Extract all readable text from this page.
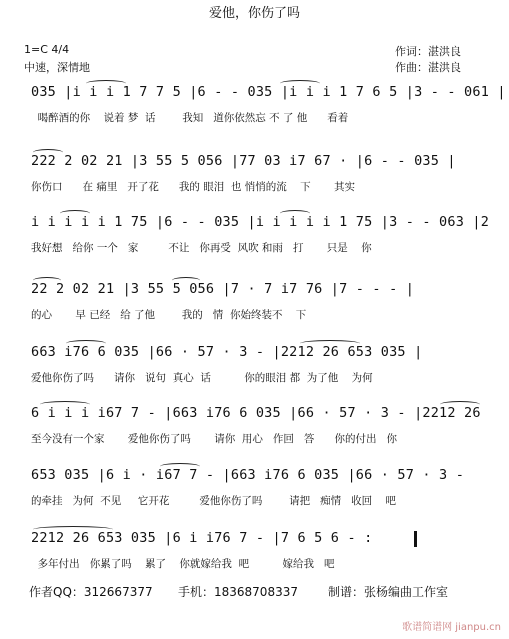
爱他，你伤了吗
1=C 4/4
中速，深情地
作词：湛洪良
作曲：湛洪良
035 |i i i 1 7 7 5 |6 - - 035 |i i i 1 7 6 5 |3 - - 061 |
喝醉酒的你    说着 梦  话        我知   道你依然忘 不 了 他      看着
222 2 02 21 |3 55 5 056 |77 03 i7 67 · |6 - - 035 |
你伤口      在 痛里   开了花      我的 眼泪  也 悄悄的流    下       其实
i i i i i 1 75 |6 - - 035 |i i i i i 1 75 |3 - - 063 |2
我好想   给你 一个   家         不让   你再受  风吹 和雨   打       只是    你
22 2 02 21 |3 55 5 056 |7 · 7 i7 76 |7 - - - |
的心       早 已经   给 了他        我的   情  你始终装不    下
663 i76 6 035 |66 · 57 · 3 - |2212 26 653 035 |
爱他你伤了吗      请你   说句  真心  话          你的眼泪 都  为了他    为何
6 i i i i67 7 - |663 i76 6 035 |66 · 57 · 3 - |2212 26
至今没有一个家       爱他你伤了吗       请你  用心   作回   答      你的付出   你
653 035 |6 i · i67 7 - |663 i76 6 035 |66 · 57 · 3 -
的牵挂   为何  不见     它开花         爱他你伤了吗        请把   痴情   收回    吧
2212 26 653 035 |6 i i76 7 - |7 6 5 6 - :
多年付出   你累了吗    累了    你就嫁给我  吧          嫁给我   吧
作者QQ：312667377 手机：18368708337	制谱：张杨编曲工作室
歌谱简谱网 jianpu.cn
